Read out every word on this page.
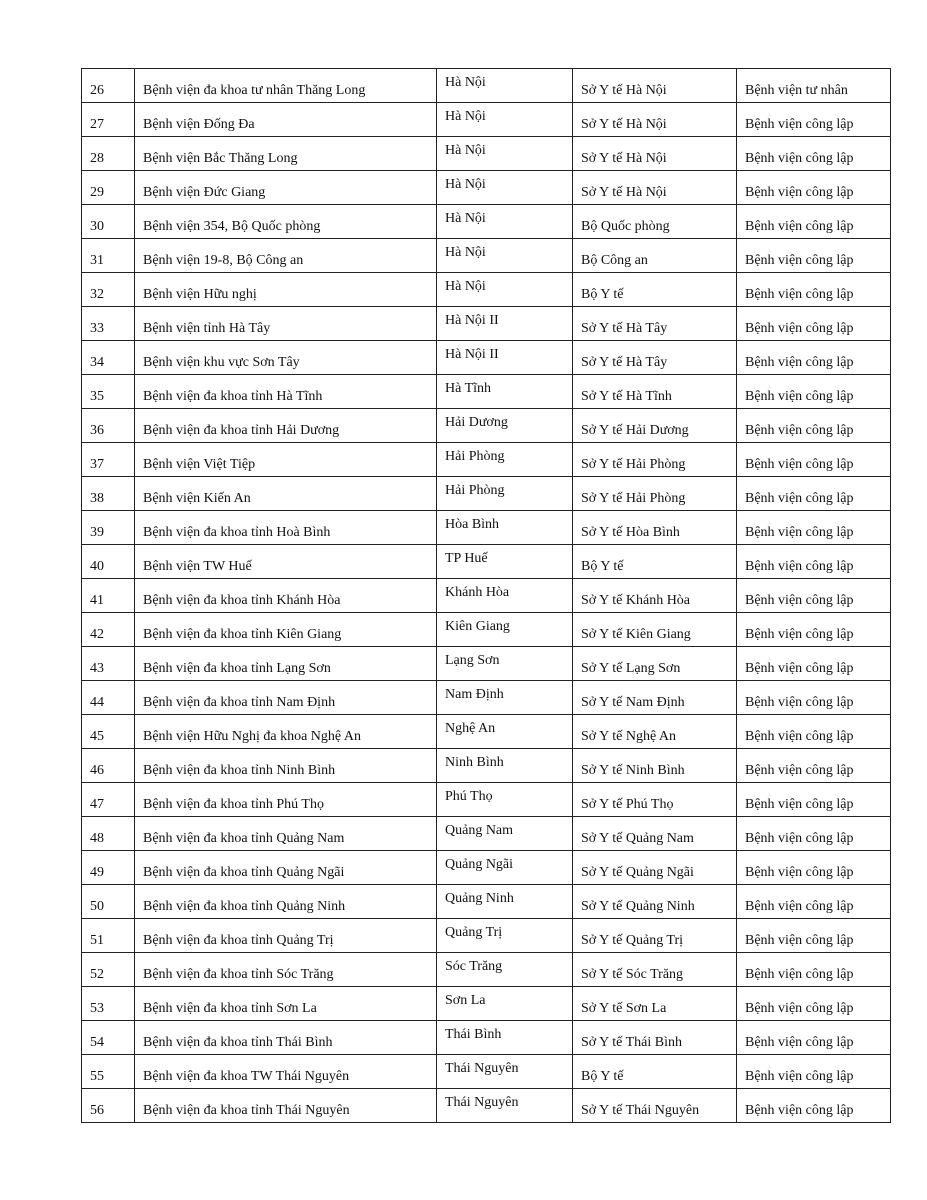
26	Bệnh viện đa khoa tư nhân Thăng Long	Hà Nội	Sở Y tế Hà Nội	Bệnh viện tư nhân

27	Bệnh viện Đống Đa	Hà Nội	Sở Y tế Hà Nội	Bệnh viện công lập

28	Bệnh viện Bắc Thăng Long	Hà Nội	Sở Y tế Hà Nội	Bệnh viện công lập

29	Bệnh viện Đức Giang	Hà Nội	Sở Y tế Hà Nội	Bệnh viện công lập

30	Bệnh viện 354, Bộ Quốc phòng	Hà Nội	Bộ Quốc phòng	Bệnh viện công lập

31	Bệnh viện 19-8, Bộ Công an	Hà Nội	Bộ Công an	Bệnh viện công lập

32	Bệnh viện Hữu nghị	Hà Nội	Bộ Y tế	Bệnh viện công lập

33	Bệnh viện tỉnh Hà Tây	Hà Nội II	Sở Y tế Hà Tây	Bệnh viện công lập

34	Bệnh viện khu vực Sơn Tây	Hà Nội II	Sở Y tế Hà Tây	Bệnh viện công lập

35	Bệnh viện đa khoa tỉnh Hà Tĩnh	Hà Tĩnh	Sở Y tế Hà Tĩnh	Bệnh viện công lập

36	Bệnh viện đa khoa tỉnh Hải Dương	Hải Dương	Sở Y tế Hải Dương	Bệnh viện công lập

37	Bệnh viện Việt Tiệp	Hải Phòng	Sở Y tế Hải Phòng	Bệnh viện công lập

38	Bệnh viện Kiến An	Hải Phòng	Sở Y tế Hải Phòng	Bệnh viện công lập

39	Bệnh viện đa khoa tỉnh Hoà Bình	Hòa Bình	Sở Y tế Hòa Bình	Bệnh viện công lập

40	Bệnh viện TW Huế	TP Huế	Bộ Y tế	Bệnh viện công lập

41	Bệnh viện đa khoa tỉnh Khánh Hòa	Khánh Hòa	Sở Y tế Khánh Hòa	Bệnh viện công lập

42	Bệnh viện đa khoa tỉnh Kiên Giang	Kiên Giang	Sở Y tế Kiên Giang	Bệnh viện công lập

43	Bệnh viện đa khoa tỉnh Lạng Sơn	Lạng Sơn	Sở Y tế Lạng Sơn	Bệnh viện công lập

44	Bệnh viện đa khoa tỉnh Nam Định	Nam Định	Sở Y tế Nam Định	Bệnh viện công lập

45	Bệnh viện Hữu Nghị đa khoa Nghệ An	Nghệ An	Sở Y tế Nghệ An	Bệnh viện công lập

46	Bệnh viện đa khoa tỉnh Ninh Bình	Ninh Bình	Sở Y tế Ninh Bình	Bệnh viện công lập

47	Bệnh viện đa khoa tỉnh Phú Thọ	Phú Thọ	Sở Y tế Phú Thọ	Bệnh viện công lập

48	Bệnh viện đa khoa tỉnh Quảng Nam	Quảng Nam	Sở Y tế Quảng Nam	Bệnh viện công lập

49	Bệnh viện đa khoa tỉnh Quảng Ngãi	Quảng Ngãi	Sở Y tế Quảng Ngãi	Bệnh viện công lập

50	Bệnh viện đa khoa tỉnh Quảng Ninh	Quảng Ninh	Sở Y tế Quảng Ninh	Bệnh viện công lập

51	Bệnh viện đa khoa tỉnh Quảng Trị	Quảng Trị	Sở Y tế Quảng Trị	Bệnh viện công lập

52	Bệnh viện đa khoa tỉnh Sóc Trăng	Sóc Trăng	Sở Y tế Sóc Trăng	Bệnh viện công lập

53	Bệnh viện đa khoa tỉnh Sơn La	Sơn La	Sở Y tế Sơn La	Bệnh viện công lập

54	Bệnh viện đa khoa tỉnh Thái Bình	Thái Bình	Sở Y tế Thái Bình	Bệnh viện công lập

55	Bệnh viện đa khoa TW Thái Nguyên	Thái Nguyên	Bộ Y tế	Bệnh viện công lập

56	Bệnh viện đa khoa tỉnh Thái Nguyên	Thái Nguyên	Sở Y tế Thái Nguyên	Bệnh viện công lập
